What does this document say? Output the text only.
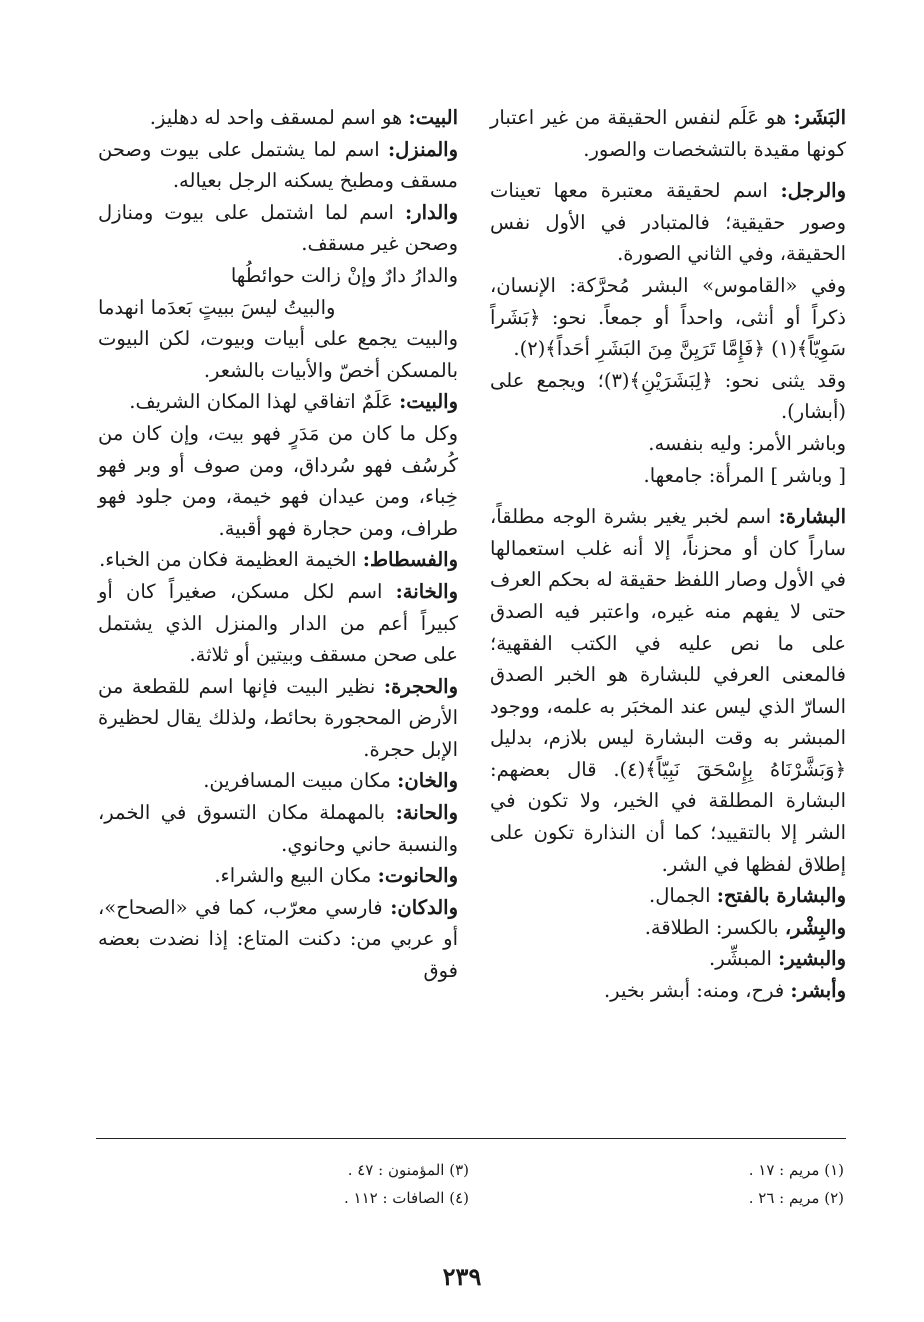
البَشَر: هو عَلَم لنفس الحقيقة من غير اعتبار كونها مقيدة بالتشخصات والصور.

والرجل: اسم لحقيقة معتبرة معها تعينات وصور حقيقية؛ فالمتبادر في الأول نفس الحقيقة، وفي الثاني الصورة.

وفي «القاموس» البشر مُحرَّكة: الإنسان، ذكراً أو أنثى، واحداً أو جمعاً. نحو: ﴿بَشَراً سَوِيّاً﴾(١) ﴿فَإِمَّا تَرَيِنَّ مِنَ البَشَرِ أحَداً﴾(٢).

وقد يثنى نحو: ﴿لِبَشَرَيْنِ﴾(٣)؛ ويجمع على (أبشار).

وباشر الأمر: وليه بنفسه.

[ وباشر ] المرأة: جامعها.

البشارة: اسم لخبر يغير بشرة الوجه مطلقاً، ساراً كان أو محزناً، إلا أنه غلب استعمالها في الأول وصار اللفظ حقيقة له بحكم العرف حتى لا يفهم منه غيره، واعتبر فيه الصدق على ما نص عليه في الكتب الفقهية؛ فالمعنى العرفي للبشارة هو الخبر الصدق السارّ الذي ليس عند المخبَر به علمه، ووجود المبشر به وقت البشارة ليس بلازم، بدليل ﴿وَبَشَّرْنَاهُ بِإِسْحَقَ نَبِيّاً﴾(٤). قال بعضهم: البشارة المطلقة في الخير، ولا تكون في الشر إلا بالتقييد؛ كما أن النذارة تكون على إطلاق لفظها في الشر.

والبشارة بالفتح: الجمال.

والبِشْر، بالكسر: الطلاقة.

والبشير: المبشِّر.

وأبشر: فرح، ومنه: أبشر بخير.

البيت: هو اسم لمسقف واحد له دهليز.

والمنزل: اسم لما يشتمل على بيوت وصحن مسقف ومطبخ يسكنه الرجل بعياله.

والدار: اسم لما اشتمل على بيوت ومنازل وصحن غير مسقف.

والدارُ دارٌ وإنْ زالت حوائطُها

والبيتُ ليسَ ببيتٍ بَعدَما انهدما

والبيت يجمع على أبيات وبيوت، لكن البيوت بالمسكن أخصّ والأبيات بالشعر.

والبيت: عَلَمٌ اتفاقي لهذا المكان الشريف.

وكل ما كان من مَدَرٍ فهو بيت، وإن كان من كُرسُف فهو سُرداق، ومن صوف أو وبر فهو خِباء، ومن عيدان فهو خيمة، ومن جلود فهو طراف، ومن حجارة فهو أقبية.

والفسطاط: الخيمة العظيمة فكان من الخباء.

والخانة: اسم لكل مسكن، صغيراً كان أو كبيراً أعم من الدار والمنزل الذي يشتمل على صحن مسقف وبيتين أو ثلاثة.

والحجرة: نظير البيت فإنها اسم للقطعة من الأرض المحجورة بحائط، ولذلك يقال لحظيرة الإبل حجرة.

والخان: مكان مبيت المسافرين.

والحانة: بالمهملة مكان التسوق في الخمر، والنسبة حاني وحانوي.

والحانوت: مكان البيع والشراء.

والدكان: فارسي معرّب، كما في «الصحاح»، أو عربي من: دكنت المتاع: إذا نضدت بعضه فوق

(١) مريم : ١٧ .
(٢) مريم : ٢٦ .
(٣) المؤمنون : ٤٧ .
(٤) الصافات : ١١٢ .
٢٣٩
